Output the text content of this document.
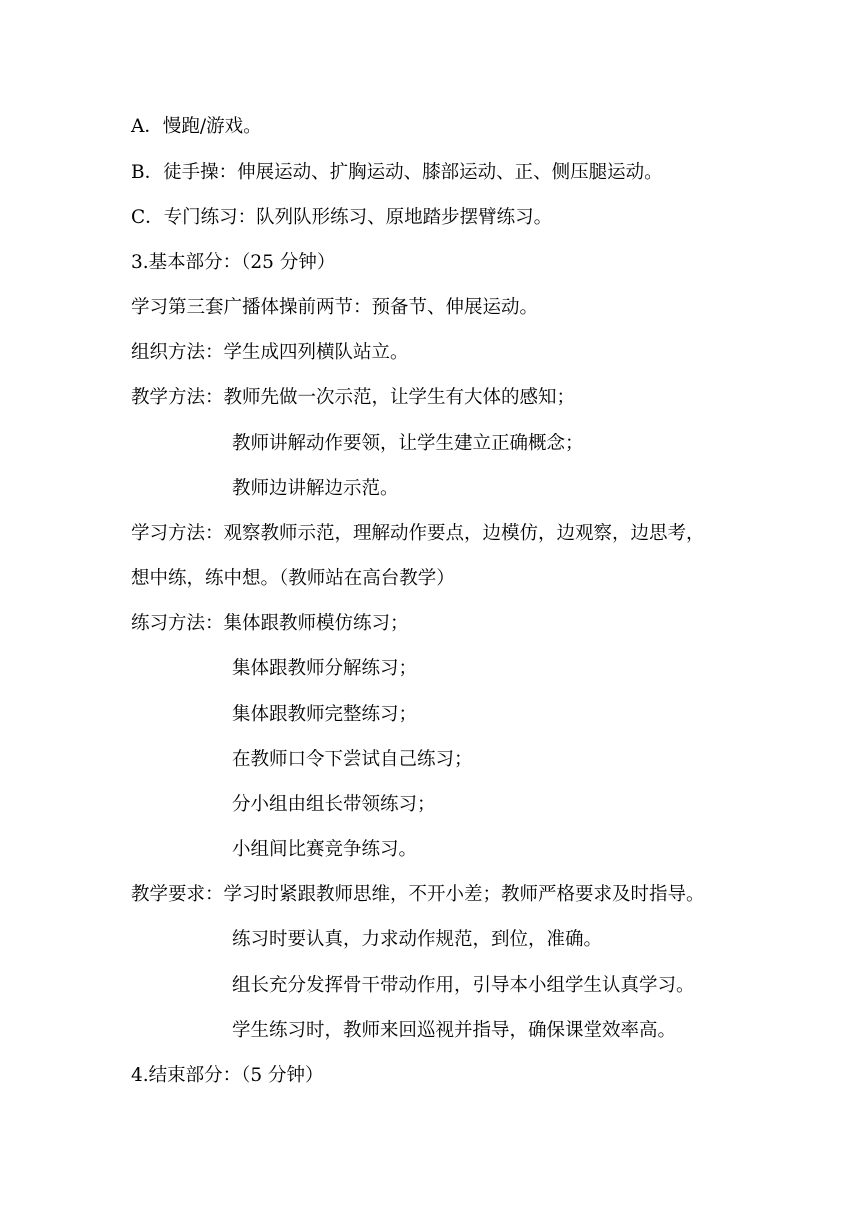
A．慢跑/游戏。
B．徒手操：伸展运动、扩胸运动、膝部运动、正、侧压腿运动。
C．专门练习：队列队形练习、原地踏步摆臂练习。
3.基本部分：（25 分钟）
学习第三套广播体操前两节：预备节、伸展运动。
组织方法：学生成四列横队站立。
教学方法：教师先做一次示范，让学生有大体的感知；
教师讲解动作要领，让学生建立正确概念；
教师边讲解边示范。
学习方法：观察教师示范，理解动作要点，边模仿，边观察，边思考，
想中练，练中想。（教师站在高台教学）
练习方法：集体跟教师模仿练习；
集体跟教师分解练习；
集体跟教师完整练习；
在教师口令下尝试自己练习；
分小组由组长带领练习；
小组间比赛竞争练习。
教学要求：学习时紧跟教师思维，不开小差；教师严格要求及时指导。
练习时要认真，力求动作规范，到位，准确。
组长充分发挥骨干带动作用，引导本小组学生认真学习。
学生练习时，教师来回巡视并指导，确保课堂效率高。
4.结束部分：（5 分钟）
